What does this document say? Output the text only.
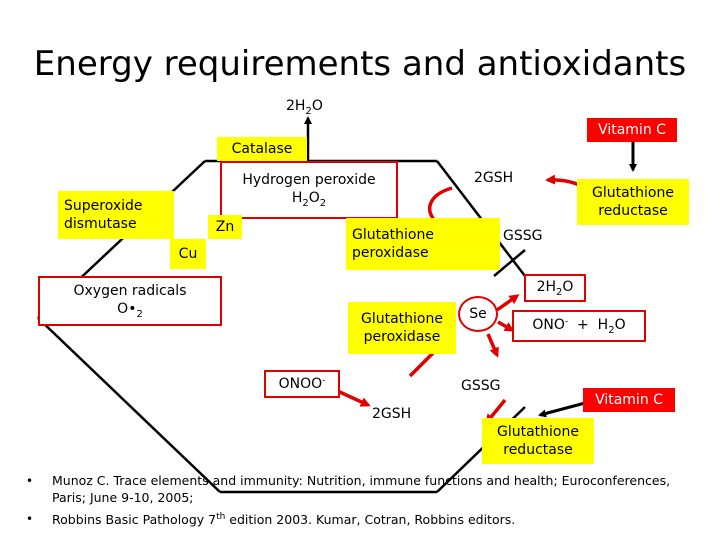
Energy requirements and antioxidants
$2H_2O$
Vitamin C
Catalase
Hydrogen peroxide
$H_2O_2$
2GSH
Glutathione
reductase
Superoxide
dismutase	Zn
Cu
Glutathione
peroxidase
GSSG
Oxygen radicals
$O•_2$
$2H_2O$
Glutathione
peroxidase
Se
$ONO^- + H_2O$
ONOO-	GSSG
Vitamin C
2GSH
Glutathione
reductase
• Munoz C. Trace elements and immunity: Nutrition, immune functions and health; Euroconferences,
Paris; June 9-10, 2005;
• Robbins Basic Pathology 7th edition 2003. Kumar, Cotran, Robbins editors.
